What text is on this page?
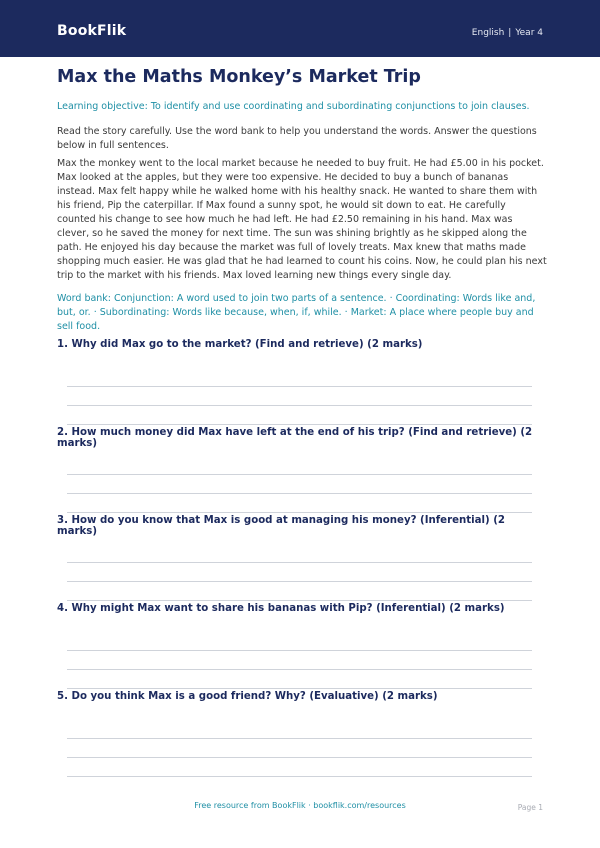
BookFlik	English | Year 4
Max the Maths Monkey’s Market Trip
Learning objective: To identify and use coordinating and subordinating conjunctions to join clauses.
Read the story carefully. Use the word bank to help you understand the words. Answer the questions below in full sentences.

Max the monkey went to the local market because he needed to buy fruit. He had £5.00 in his pocket. Max looked at the apples, but they were too expensive. He decided to buy a bunch of bananas instead. Max felt happy while he walked home with his healthy snack. He wanted to share them with his friend, Pip the caterpillar. If Max found a sunny spot, he would sit down to eat. He carefully counted his change to see how much he had left. He had £2.50 remaining in his hand. Max was clever, so he saved the money for next time. The sun was shining brightly as he skipped along the path. He enjoyed his day because the market was full of lovely treats. Max knew that maths made shopping much easier. He was glad that he had learned to count his coins. Now, he could plan his next trip to the market with his friends. Max loved learning new things every single day.

Word bank: Conjunction: A word used to join two parts of a sentence. · Coordinating: Words like and, but, or. · Subordinating: Words like because, when, if, while. · Market: A place where people buy and sell food.
1. Why did Max go to the market? (Find and retrieve) (2 marks)
2. How much money did Max have left at the end of his trip? (Find and retrieve) (2 marks)
3. How do you know that Max is good at managing his money? (Inferential) (2 marks)
4. Why might Max want to share his bananas with Pip? (Inferential) (2 marks)
5. Do you think Max is a good friend? Why? (Evaluative) (2 marks)
Free resource from BookFlik · bookflik.com/resources	Page 1
